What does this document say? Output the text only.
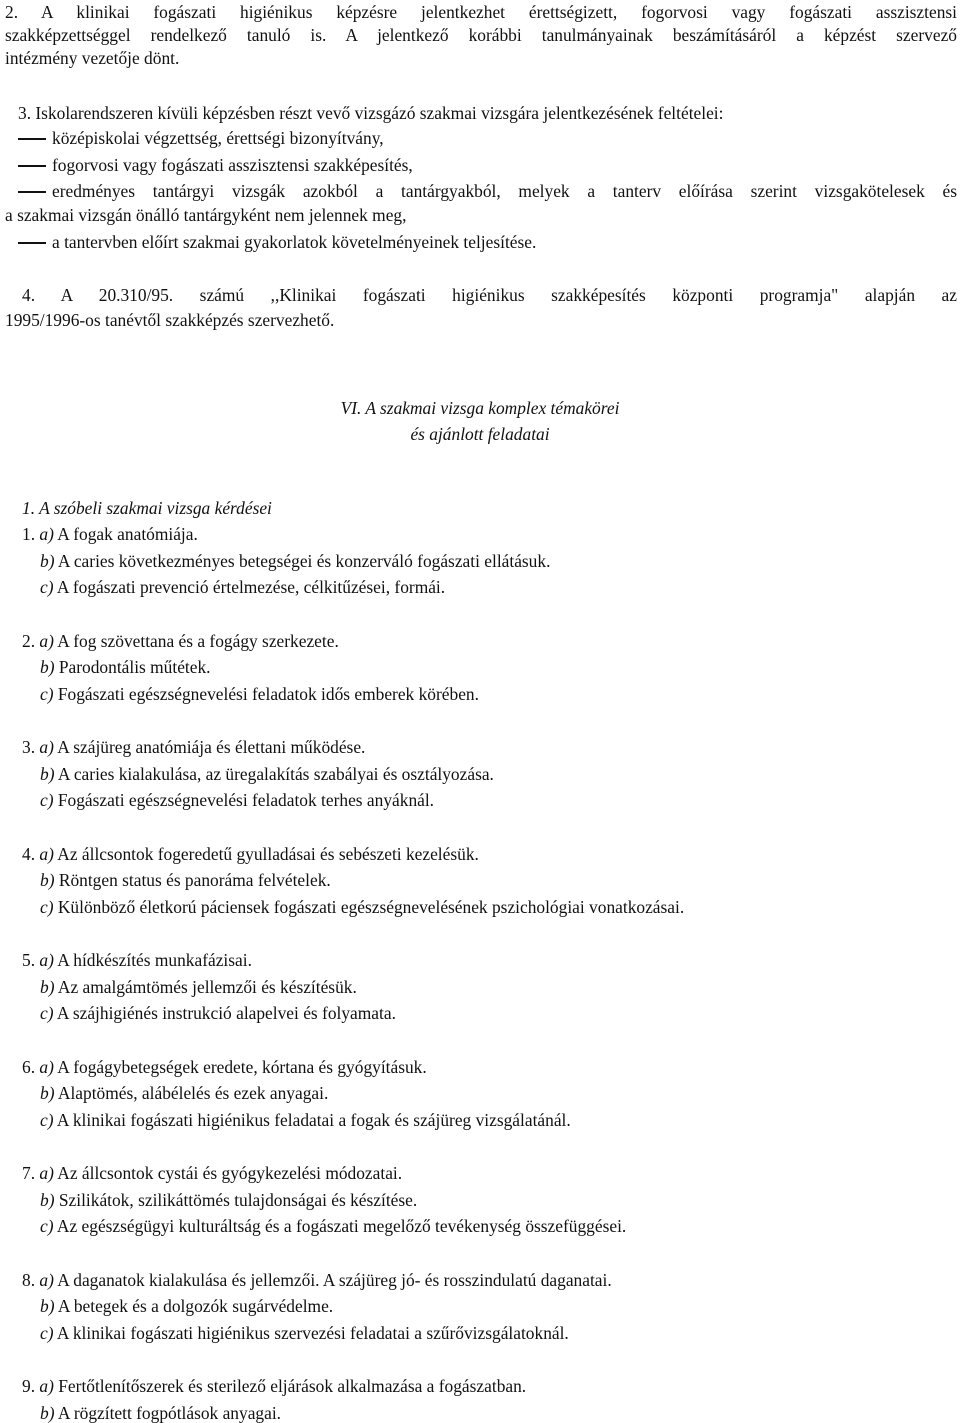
2. A klinikai fogászati higiénikus képzésre jelentkezhet érettségizett, fogorvosi vagy fogászati asszisztensi
szakképzettséggel rendelkező tanuló is. A jelentkező korábbi tanulmányainak beszámításáról a képzést szervező
intézmény vezetője dönt.
3. Iskolarendszeren kívüli képzésben részt vevő vizsgázó szakmai vizsgára jelentkezésének feltételei:
középiskolai végzettség, érettségi bizonyítvány,
fogorvosi vagy fogászati asszisztensi szakképesítés,
eredményes tantárgyi vizsgák azokból a tantárgyakból, melyek a tanterv előírása szerint vizsgakötelesek és
a szakmai vizsgán önálló tantárgyként nem jelennek meg,
a tantervben előírt szakmai gyakorlatok követelményeinek teljesítése.
4. A 20.310/95. számú ,,Klinikai fogászati higiénikus szakképesítés központi programja" alapján az
1995/1996-os tanévtől szakképzés szervezhető.
VI. A szakmai vizsga komplex témakörei
és ajánlott feladatai
1. A szóbeli szakmai vizsga kérdései
1. a) A fogak anatómiája.
b) A caries következményes betegségei és konzerváló fogászati ellátásuk.
c) A fogászati prevenció értelmezése, célkitűzései, formái.
2. a) A fog szövettana és a fogágy szerkezete.
b) Parodontális műtétek.
c) Fogászati egészségnevelési feladatok idős emberek körében.
3. a) A szájüreg anatómiája és élettani működése.
b) A caries kialakulása, az üregalakítás szabályai és osztályozása.
c) Fogászati egészségnevelési feladatok terhes anyáknál.
4. a) Az állcsontok fogeredetű gyulladásai és sebészeti kezelésük.
b) Röntgen status és panoráma felvételek.
c) Különböző életkorú páciensek fogászati egészségnevelésének pszichológiai vonatkozásai.
5. a) A hídkészítés munkafázisai.
b) Az amalgámtömés jellemzői és készítésük.
c) A szájhigiénés instrukció alapelvei és folyamata.
6. a) A fogágybetegségek eredete, kórtana és gyógyításuk.
b) Alaptömés, alábélelés és ezek anyagai.
c) A klinikai fogászati higiénikus feladatai a fogak és szájüreg vizsgálatánál.
7. a) Az állcsontok cystái és gyógykezelési módozatai.
b) Szilikátok, szilikáttömés tulajdonságai és készítése.
c) Az egészségügyi kulturáltság és a fogászati megelőző tevékenység összefüggései.
8. a) A daganatok kialakulása és jellemzői. A szájüreg jó- és rosszindulatú daganatai.
b) A betegek és a dolgozók sugárvédelme.
c) A klinikai fogászati higiénikus szervezési feladatai a szűrővizsgálatoknál.
9. a) Fertőtlenítőszerek és sterilező eljárások alkalmazása a fogászatban.
b) A rögzített fogpótlások anyagai.
